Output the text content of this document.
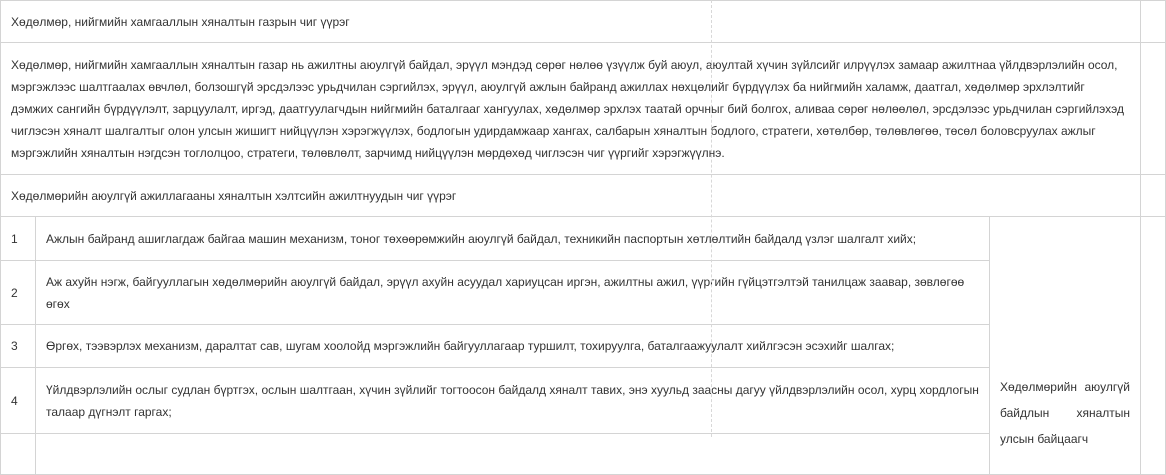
Хөдөлмөр, нийгмийн хамгааллын хяналтын газрын чиг үүрэг			
Хөдөлмөр, нийгмийн хамгааллын хяналтын газар нь ажилтны аюулгүй байдал, эрүүл мэндэд сөрөг нөлөө үзүүлж буй аюул, аюултай хүчин зүйлсийг илрүүлэх замаар ажилтнаа үйлдвэрлэлийн осол, мэргэжлээс шалтгаалах өвчлөл, болзошгүй эрсдэлээс урьдчилан сэргийлэх, эрүүл, аюулгүй ажлын байранд ажиллах нөхцөлийг бүрдүүлэх ба нийгмийн халамж, даатгал, хөдөлмөр эрхлэлтийг дэмжих сангийн бүрдүүлэлт, зарцуулалт, иргэд, даатгуулагчдын нийгмийн баталгааг хангуулах, хөдөлмөр эрхлэх таатай орчныг бий болгох, аливаа сөрөг нөлөөлөл, эрсдэлээс урьдчилан сэргийлэхэд чиглэсэн хяналт шалгалтыг олон улсын жишигт нийцүүлэн хэрэгжүүлэх, бодлогын удирдамжаар хангах, салбарын хяналтын бодлого, стратеги, хөтөлбөр, төлөвлөгөө, төсөл боловсруулах ажлыг мэргэжлийн хяналтын нэгдсэн тоглолцоо, стратеги, төлөвлөлт, зарчимд нийцүүлэн мөрдөхөд чиглэсэн чиг үүргийг хэрэгжүүлнэ.			
Хөдөлмөрийн аюулгүй ажиллагааны хяналтын хэлтсийн ажилтнуудын чиг үүрэг			
1	Ажлын байранд ашиглагдаж байгаа машин механизм, тоног төхөөрөмжийн аюулгүй байдал, техникийн паспортын хөтлөлтийн байдалд үзлэг шалгалт хийх;	Хөдөлмөрийн аюулгүй байдлын хяналтын улсын байцаагч	
2	Аж ахуйн нэгж, байгууллагын хөдөлмөрийн аюулгүй байдал, эрүүл ахуйн асуудал хариуцсан иргэн, ажилтны ажил, үүргийн гүйцэтгэлтэй танилцаж заавар, зөвлөгөө өгөх		
3	Өргөх, тээвэрлэх механизм, даралтат сав, шугам хоолойд мэргэжлийн байгууллагаар туршилт, тохируулга, баталгаажуулалт хийлгэсэн эсэхийг шалгах;		
4	Үйлдвэрлэлийн ослыг судлан бүртгэх, ослын шалтгаан, хүчин зүйлийг тогтоосон байдалд хяналт тавих, энэ хуульд заасны дагуу үйлдвэрлэлийн осол, хурц хордлогын талаар дүгнэлт гаргах;		
